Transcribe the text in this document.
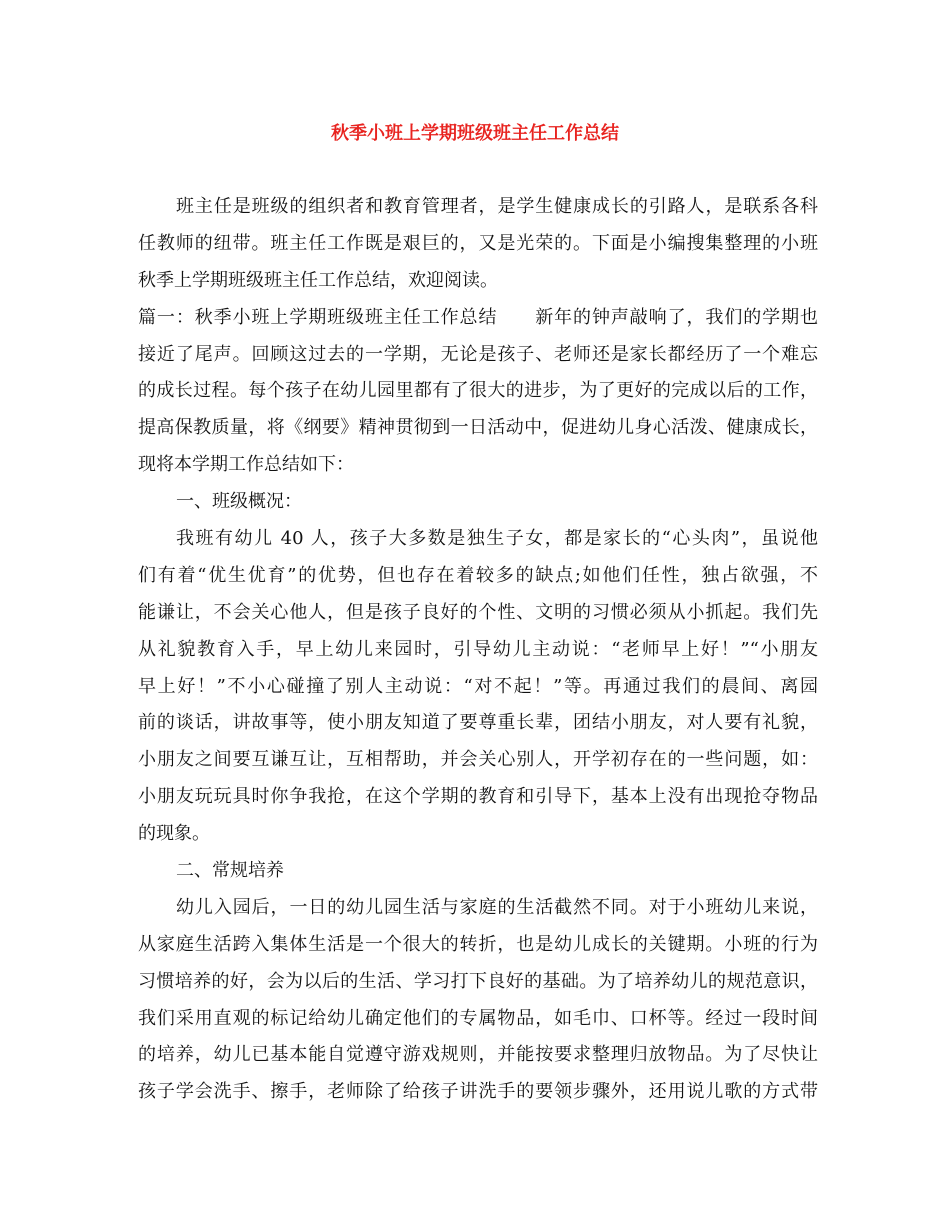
秋季小班上学期班级班主任工作总结
班主任是班级的组织者和教育管理者，是学生健康成长的引路人，是联系各科
任教师的纽带。班主任工作既是艰巨的，又是光荣的。下面是小编搜集整理的小班
秋季上学期班级班主任工作总结，欢迎阅读。
篇一：秋季小班上学期班级班主任工作总结　　新年的钟声敲响了，我们的学期也
接近了尾声。回顾这过去的一学期，无论是孩子、老师还是家长都经历了一个难忘
的成长过程。每个孩子在幼儿园里都有了很大的进步，为了更好的完成以后的工作，
提高保教质量，将《纲要》精神贯彻到一日活动中，促进幼儿身心活泼、健康成长，
现将本学期工作总结如下：
一、班级概况：
我班有幼儿 40 人，孩子大多数是独生子女，都是家长的“心头肉”，虽说他
们有着“优生优育”的优势，但也存在着较多的缺点;如他们任性，独占欲强，不
能谦让，不会关心他人，但是孩子良好的个性、文明的习惯必须从小抓起。我们先
从礼貌教育入手，早上幼儿来园时，引导幼儿主动说：“老师早上好！”“小朋友
早上好！”不小心碰撞了别人主动说：“对不起！”等。再通过我们的晨间、离园
前的谈话，讲故事等，使小朋友知道了要尊重长辈，团结小朋友，对人要有礼貌，
小朋友之间要互谦互让，互相帮助，并会关心别人，开学初存在的一些问题，如：
小朋友玩玩具时你争我抢，在这个学期的教育和引导下，基本上没有出现抢夺物品
的现象。
二、常规培养
幼儿入园后，一日的幼儿园生活与家庭的生活截然不同。对于小班幼儿来说，
从家庭生活跨入集体生活是一个很大的转折，也是幼儿成长的关键期。小班的行为
习惯培养的好，会为以后的生活、学习打下良好的基础。为了培养幼儿的规范意识，
我们采用直观的标记给幼儿确定他们的专属物品，如毛巾、口杯等。经过一段时间
的培养，幼儿已基本能自觉遵守游戏规则，并能按要求整理归放物品。为了尽快让
孩子学会洗手、擦手，老师除了给孩子讲洗手的要领步骤外，还用说儿歌的方式带
